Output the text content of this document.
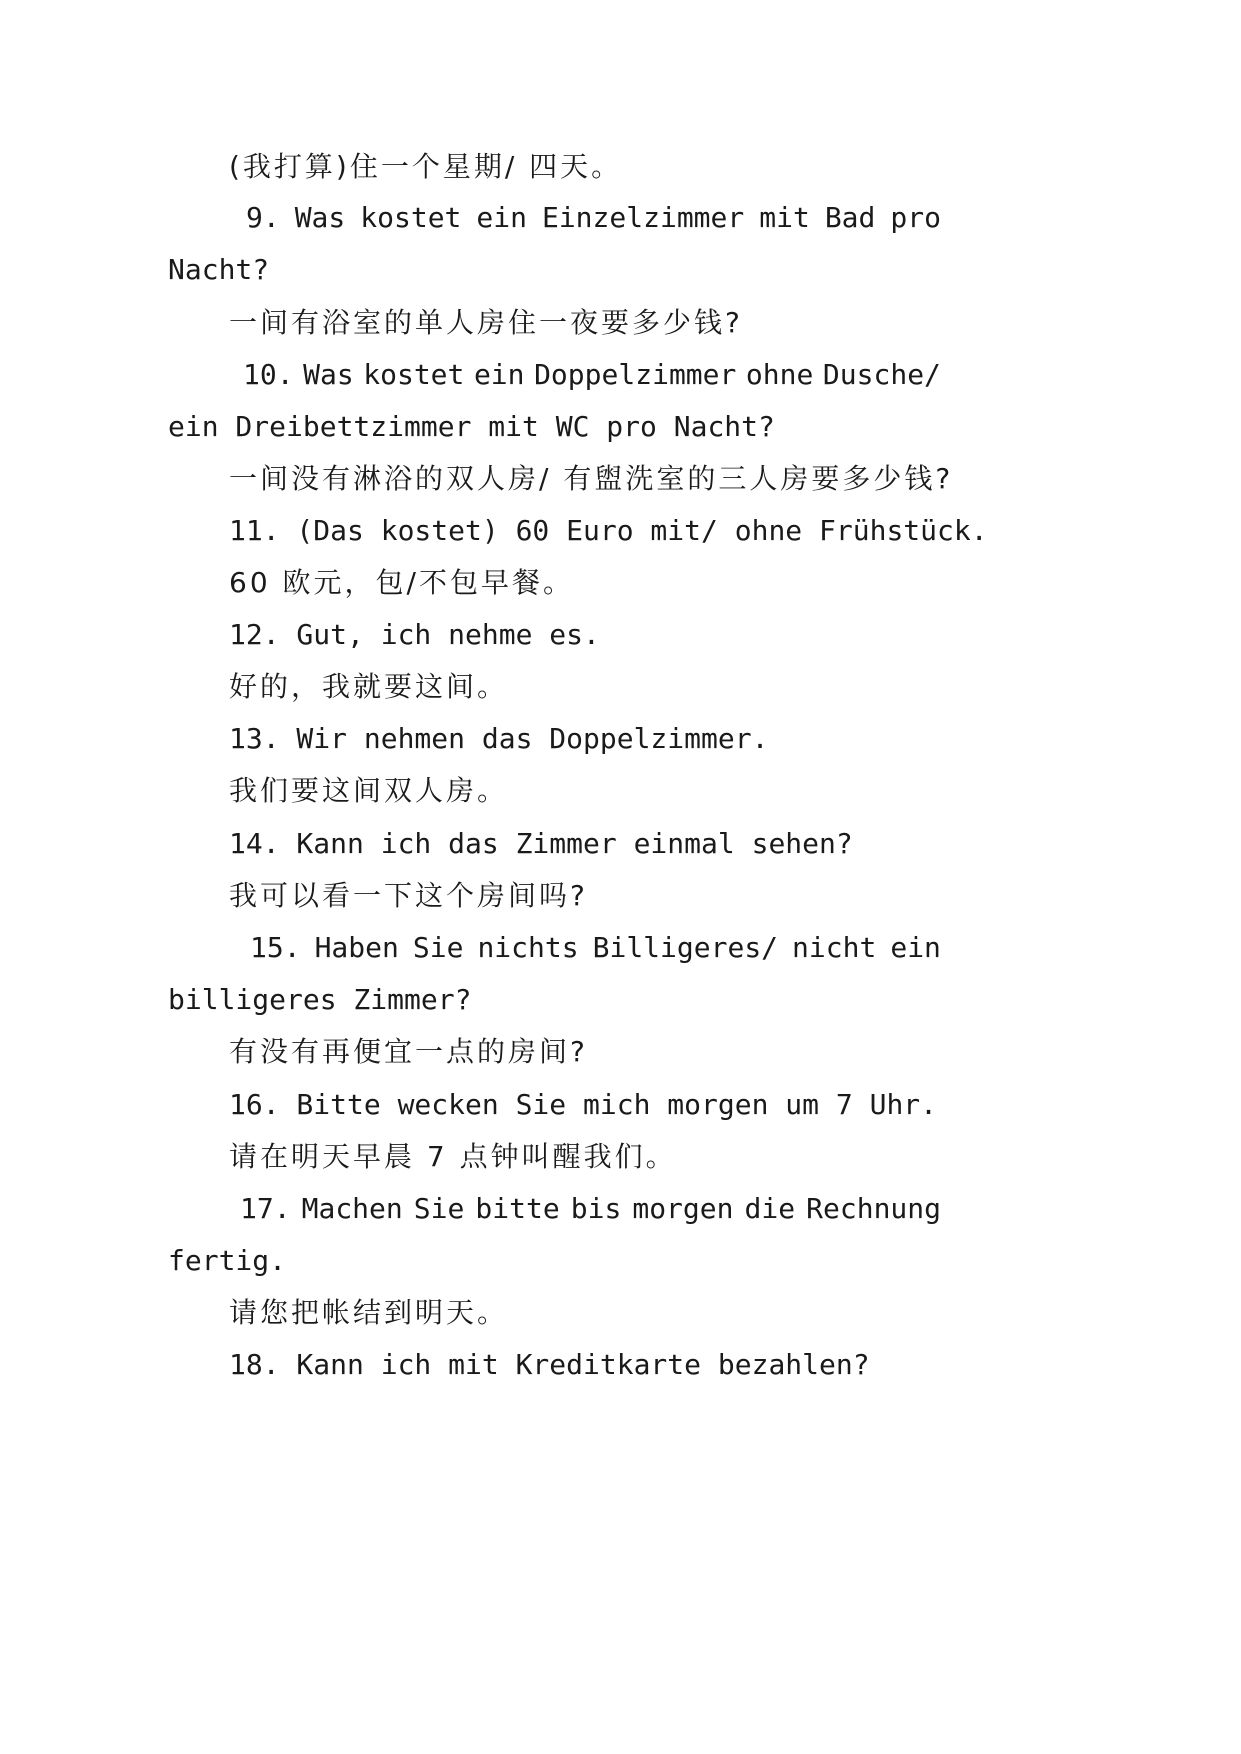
(我打算)住一个星期/ 四天。

9. Was kostet ein Einzelzimmer mit Bad pro

Nacht?

一间有浴室的单人房住一夜要多少钱?

10. Was kostet ein Doppelzimmer ohne Dusche/

ein Dreibettzimmer mit WC pro Nacht?

一间没有淋浴的双人房/ 有盥洗室的三人房要多少钱?

11. (Das kostet) 60 Euro mit/ ohne Frühstück.

60 欧元，包/不包早餐。

12. Gut, ich nehme es.

好的，我就要这间。

13. Wir nehmen das Doppelzimmer.

我们要这间双人房。

14. Kann ich das Zimmer einmal sehen?

我可以看一下这个房间吗?

15. Haben Sie nichts Billigeres/ nicht ein

billigeres Zimmer?

有没有再便宜一点的房间?

16. Bitte wecken Sie mich morgen um 7 Uhr.

请在明天早晨 7 点钟叫醒我们。

17. Machen Sie bitte bis morgen die Rechnung

fertig.

请您把帐结到明天。

18. Kann ich mit Kreditkarte bezahlen?
